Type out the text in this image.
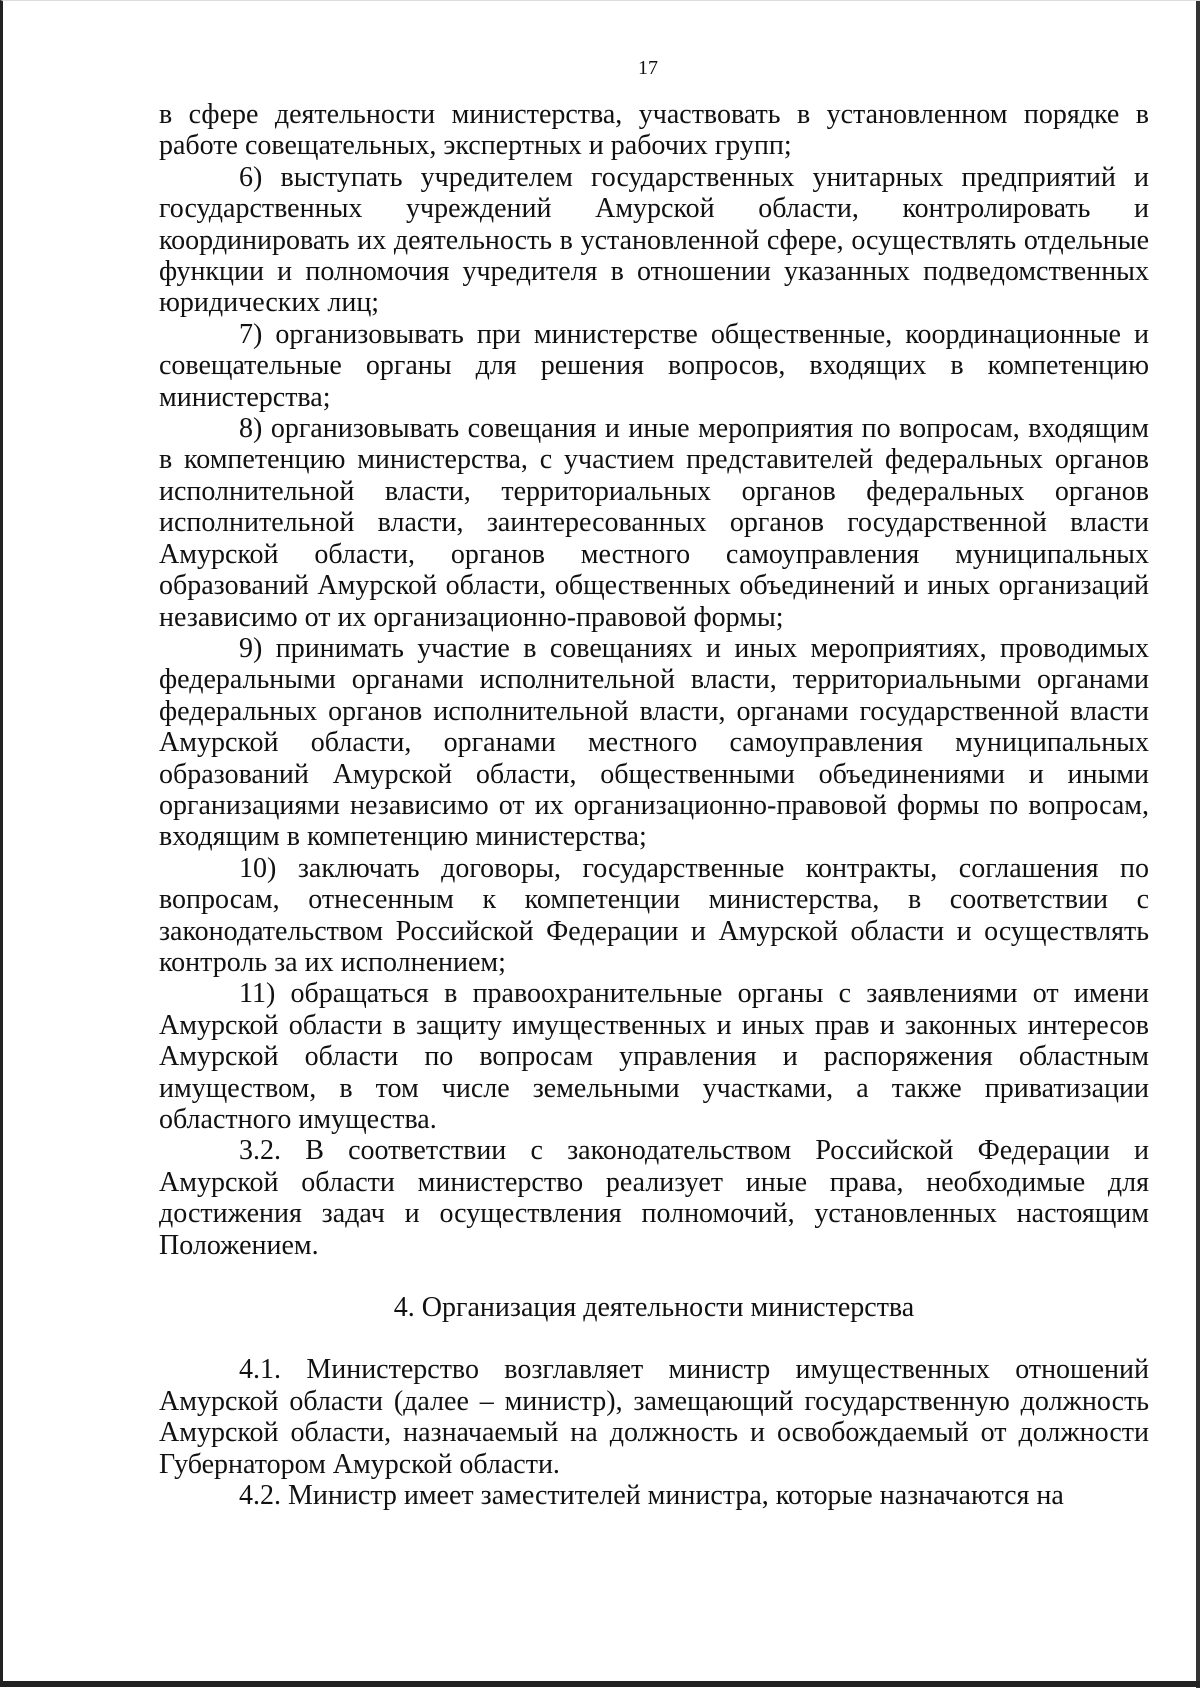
17

в сфере деятельности министерства, участвовать в установленном порядке в работе совещательных, экспертных и рабочих групп;

6) выступать учредителем государственных унитарных предприятий и государственных учреждений Амурской области, контролировать и координировать их деятельность в установленной сфере, осуществлять отдельные функции и полномочия учредителя в отношении указанных подведомственных юридических лиц;

7) организовывать при министерстве общественные, координационные и совещательные органы для решения вопросов, входящих в компетенцию министерства;

8) организовывать совещания и иные мероприятия по вопросам, входящим в компетенцию министерства, с участием представителей федеральных органов исполнительной власти, территориальных органов федеральных органов исполнительной власти, заинтересованных органов государственной власти Амурской области, органов местного самоуправления муниципальных образований Амурской области, общественных объединений и иных организаций независимо от их организационно-правовой формы;

9) принимать участие в совещаниях и иных мероприятиях, проводимых федеральными органами исполнительной власти, территориальными органами федеральных органов исполнительной власти, органами государственной власти Амурской области, органами местного самоуправления муниципальных образований Амурской области, общественными объединениями и иными организациями независимо от их организационно-правовой формы по вопросам, входящим в компетенцию министерства;

10) заключать договоры, государственные контракты, соглашения по вопросам, отнесенным к компетенции министерства, в соответствии с законодательством Российской Федерации и Амурской области и осуществлять контроль за их исполнением;

11) обращаться в правоохранительные органы с заявлениями от имени Амурской области в защиту имущественных и иных прав и законных интересов Амурской области по вопросам управления и распоряжения областным имуществом, в том числе земельными участками, а также приватизации областного имущества.

3.2. В соответствии с законодательством Российской Федерации и Амурской области министерство реализует иные права, необходимые для достижения задач и осуществления полномочий, установленных настоящим Положением.

4. Организация деятельности министерства

4.1. Министерство возглавляет министр имущественных отношений Амурской области (далее – министр), замещающий государственную должность Амурской области, назначаемый на должность и освобождаемый от должности Губернатором Амурской области.

4.2. Министр имеет заместителей министра, которые назначаются на
